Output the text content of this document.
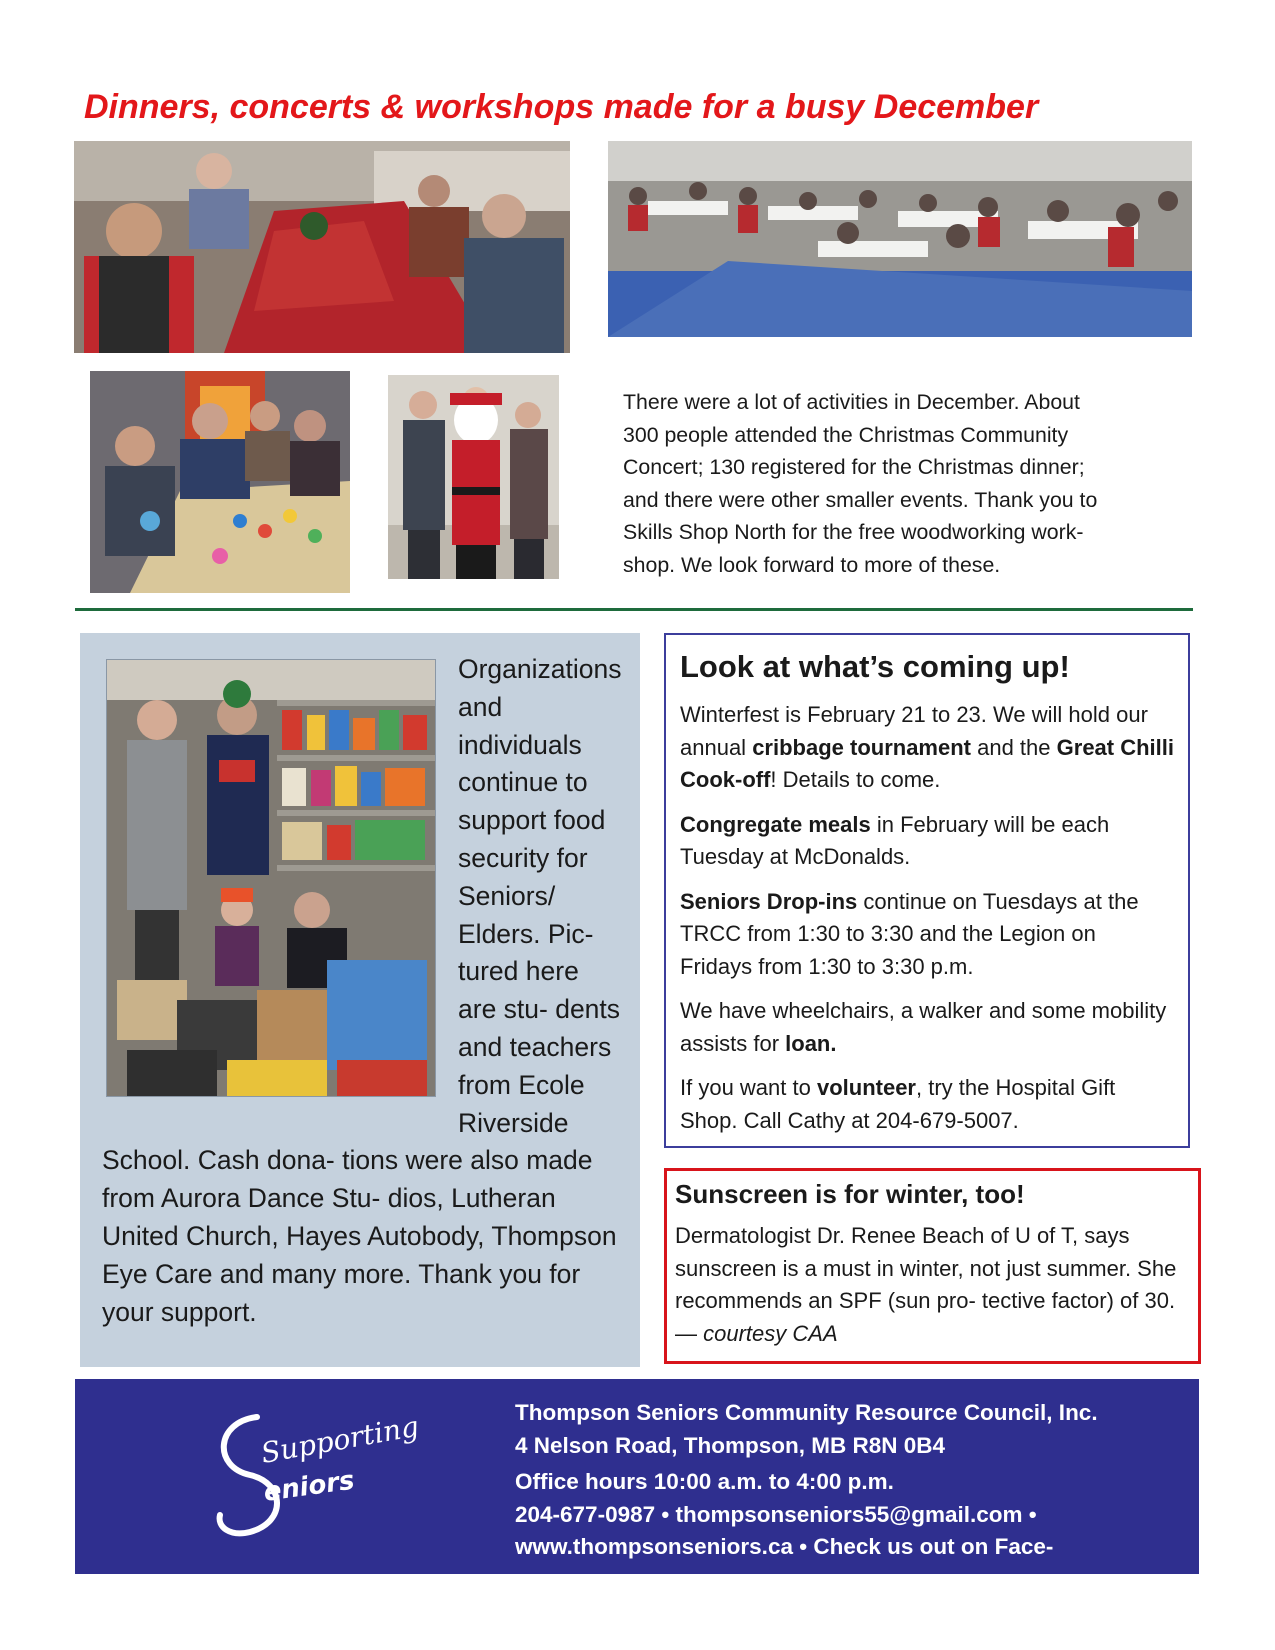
Dinners, concerts & workshops made for a busy December

There were a lot of activities in December. About
300 people attended the Christmas Community
Concert; 130 registered for the Christmas dinner;
and there were other smaller events. Thank you to
Skills Shop North for the free woodworking work-
shop. We look forward to more of these.

Organizations and individuals continue to support food security for Seniors/ Elders. Pic- tured here are stu- dents and teachers from Ecole Riverside School. Cash dona- tions were also made from Aurora Dance Stu- dios, Lutheran United Church, Hayes Autobody, Thompson Eye Care and many more. Thank you for your support.

Look at what’s coming up!

Winterfest is February 21 to 23. We will hold our annual cribbage tournament and the Great Chilli Cook-off! Details to come.

Congregate meals in February will be each Tuesday at McDonalds.

Seniors Drop-ins continue on Tuesdays at the TRCC from 1:30 to 3:30 and the Legion on Fridays from 1:30 to 3:30 p.m.

We have wheelchairs, a walker and some mobility assists for loan.

If you want to volunteer, try the Hospital Gift Shop. Call Cathy at 204-679-5007.

Sunscreen is for winter, too!

Dermatologist Dr. Renee Beach of U of T, says sunscreen is a must in winter, not just summer. She recommends an SPF (sun pro- tective factor) of 30. — courtesy CAA

Supporting
eniors
Thompson Seniors Community Resource Council, Inc.
4 Nelson Road, Thompson, MB R8N 0B4
Office hours 10:00 a.m. to 4:00 p.m.
204-677-0987 • thompsonseniors55@gmail.com •
www.thompsonseniors.ca • Check us out on Face-
